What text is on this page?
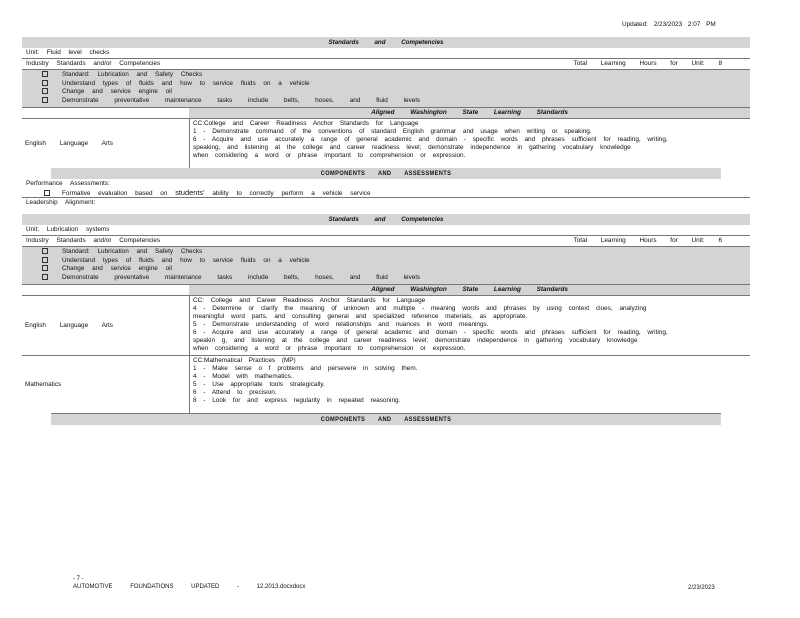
Updated: 2/23/2023 2:07 PM
Standards and Competencies
Unit: Fluid level checks
Industry Standards and/or Competencies	Total Learning Hours for Unit: 8
Standard: Lubrication and Safety Checks
Understand types of fluids and how to service fluids on a vehicle
Change and service engine oil
Demonstrate preventative maintenance tasks include belts, hoses, and fluid levels
Aligned Washington State Learning Standards
English Language Arts
CC:College and Career Readiness Anchor Standards for Language
1 - Demonstrate command of the conventions of standard English grammar and usage when writing or speaking.
6 - Acquire and use accurately a range of general academic and domain - specific words and phrases sufficient for reading, writing,
speaking, and listening at the college and career readiness level; demonstrate independence in gathering vocabulary knowledge
when considering a word or phrase important to comprehension or expression.
COMPONENTS AND ASSESSMENTS
Performance Assessments:
Formative evaluation based on students' ability to correctly perform a vehicle service
Leadership Alignment:
Standards and Competencies
Unit: Lubrication systems
Industry Standards and/or Competencies	Total Learning Hours for Unit: 6
Standard: Lubrication and Safety Checks
Understand types of fluids and how to service fluids on a vehicle
Change and service engine oil
Demonstrate preventative maintenance tasks include belts, hoses, and fluid levels
Aligned Washington State Learning Standards
English Language Arts
CC: College and Career Readiness Anchor Standards for Language
4 - Determine or clarify the meaning of unknown and multiple - meaning words and phrases by using context clues, analyzing
meaningful word parts, and consulting general and specialized reference materials, as appropriate.
5 - Demonstrate understanding of word relationships and nuances in word meanings.
6 - Acquire and use accurately a range of general academic and domain - specific words and phrases sufficient for reading, writing,
speakin g, and listening at the college and career readiness level; demonstrate independence in gathering vocabulary knowledge
when considering a word or phrase important to comprehension or expression.
Mathematics
CC:Mathematical Practices (MP)
1 - Make sense o f problems and persevere in solving them.
4 - Model with mathematics.
5 - Use appropriate tools strategically.
6 - Attend to precision.
8 - Look for and express regularity in repeated reasoning.
COMPONENTS AND ASSESSMENTS
- 7 -
AUTOMOTIVE FOUNDATIONS UPDATED - 12.2013.docxdocx	2/23/2023
